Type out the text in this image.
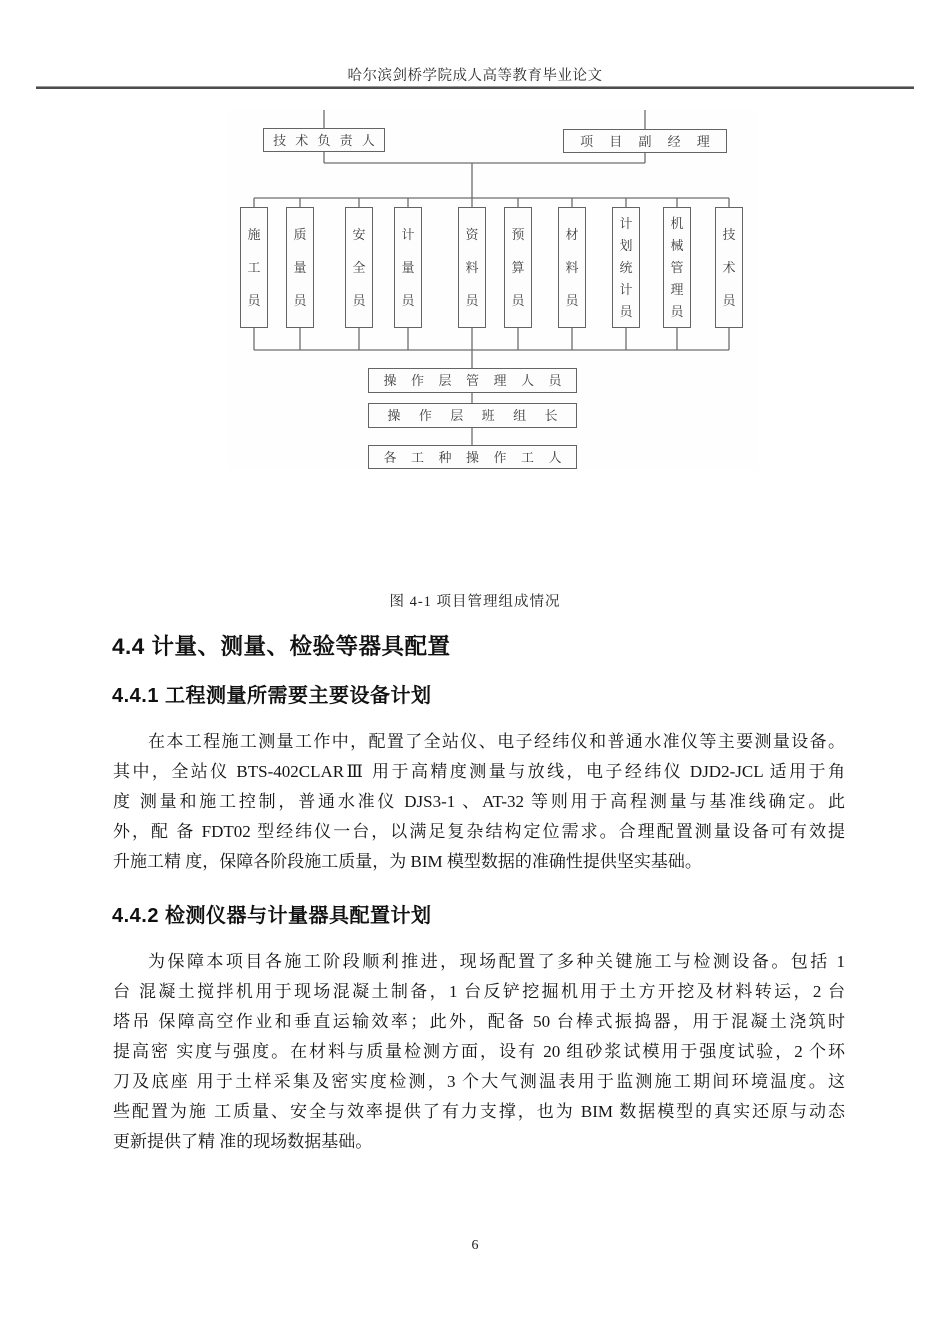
哈尔滨剑桥学院成人高等教育毕业论文
技 术 负 责 人	项 目 副 经 理
施
工
员
质
量
员
安
全
员
计
量
员
资
料
员
预
算
员
材
料
员
计
划
统
计
员
机
械
管
理
员
技
术
员
操 作 层 管 理 人 员
操 作 层 班 组 长
各 工 种 操 作 工 人
图 4-1 项目管理组成情况
4.4 计量、测量、检验等器具配置
4.4.1 工程测量所需要主要设备计划
在本工程施工测量工作中，配置了全站仪、电子经纬仪和普通水准仪等主要测量设备。
其中，全站仪 BTS-402CLARⅢ 用于高精度测量与放线，电子经纬仪 DJD2-JCL 适用于角
度 测量和施工控制，普通水准仪 DJS3-1 、AT-32 等则用于高程测量与基准线确定。此
外，配 备 FDT02 型经纬仪一台，以满足复杂结构定位需求。合理配置测量设备可有效提
升施工精 度，保障各阶段施工质量，为 BIM 模型数据的准确性提供坚实基础。
4.4.2 检测仪器与计量器具配置计划
为保障本项目各施工阶段顺利推进，现场配置了多种关键施工与检测设备。包括 1
台 混凝土搅拌机用于现场混凝土制备，1 台反铲挖掘机用于土方开挖及材料转运，2 台
塔吊 保障高空作业和垂直运输效率；此外，配备 50 台棒式振捣器，用于混凝土浇筑时
提高密 实度与强度。在材料与质量检测方面，设有 20 组砂浆试模用于强度试验，2 个环
刀及底座 用于土样采集及密实度检测，3 个大气测温表用于监测施工期间环境温度。这
些配置为施 工质量、安全与效率提供了有力支撑，也为 BIM 数据模型的真实还原与动态
更新提供了精 准的现场数据基础。
6
